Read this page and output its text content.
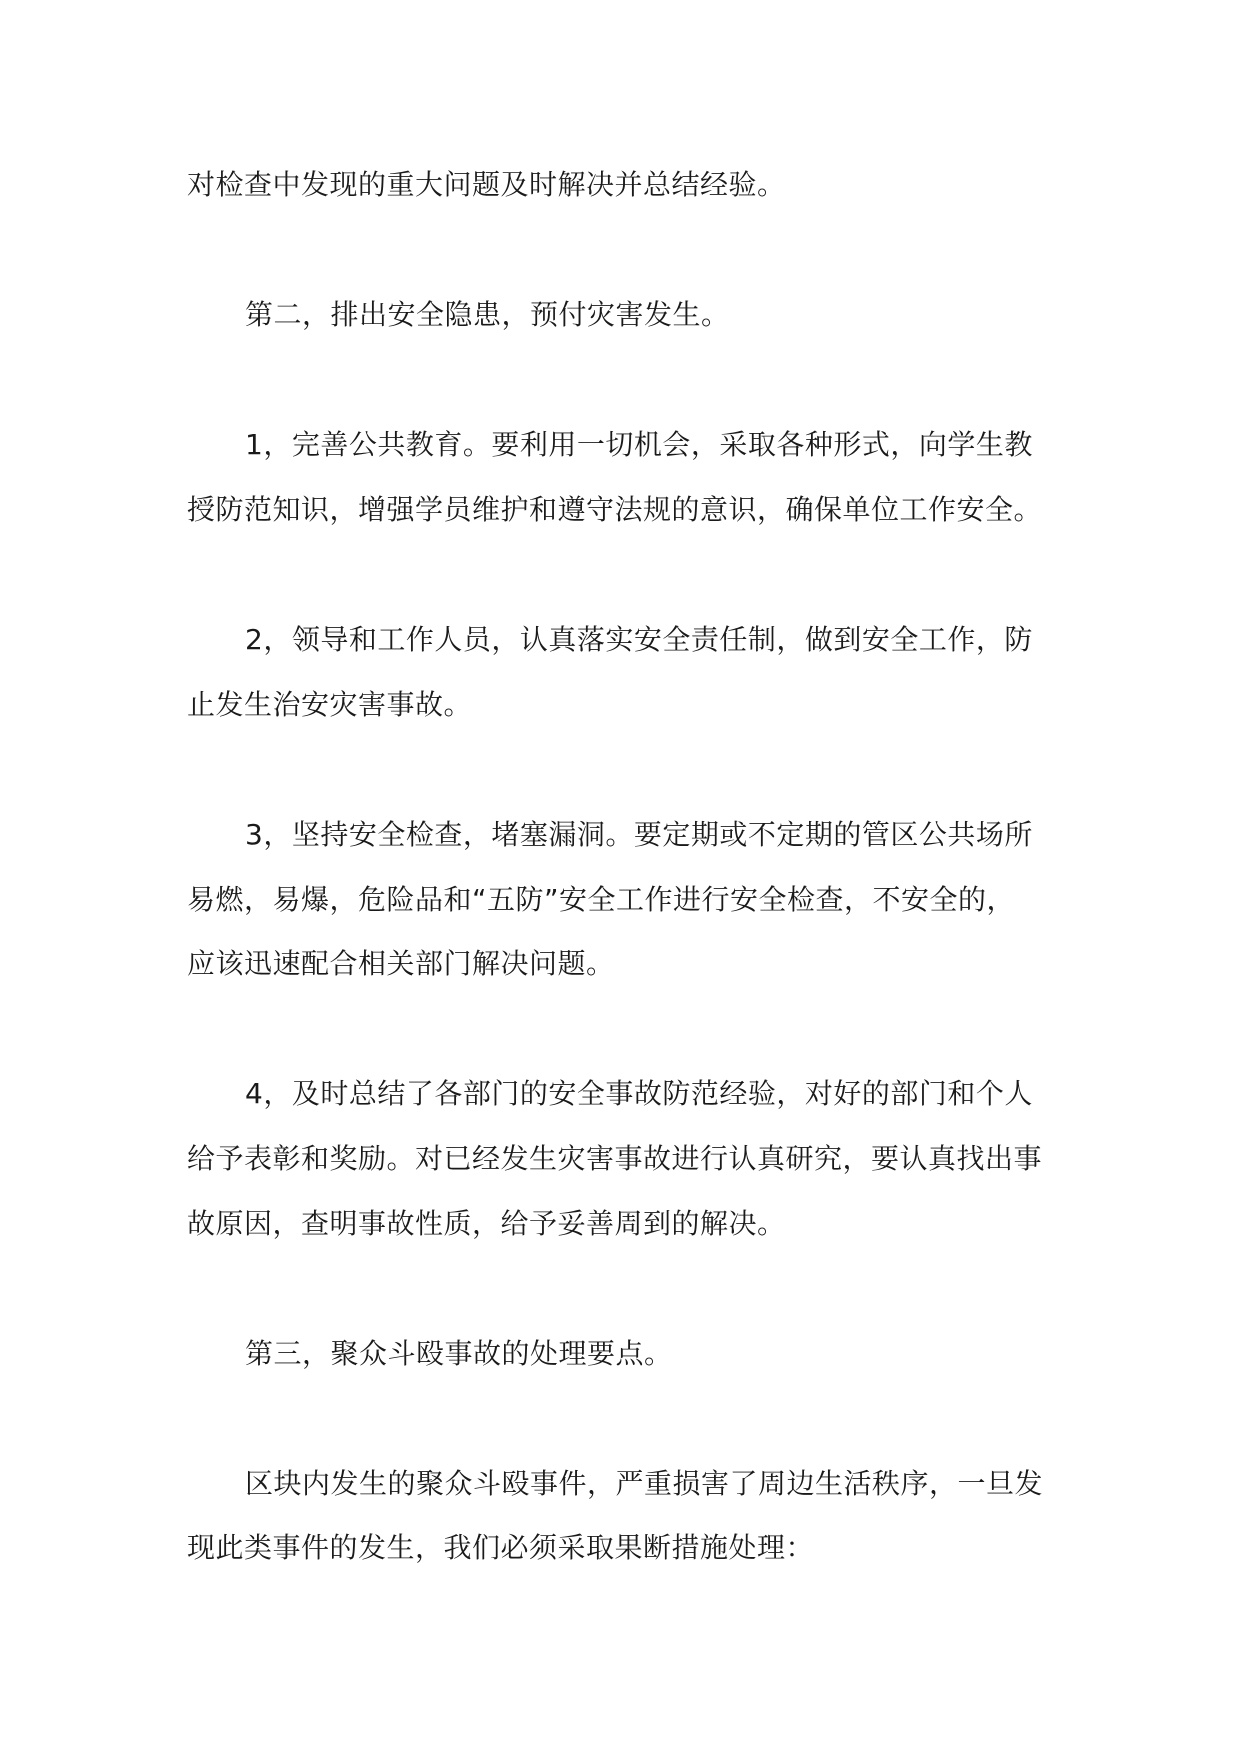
对检查中发现的重大问题及时解决并总结经验。
第二，排出安全隐患，预付灾害发生。
1，完善公共教育。要利用一切机会，采取各种形式，向学生教
授防范知识，增强学员维护和遵守法规的意识，确保单位工作安全。
2，领导和工作人员，认真落实安全责任制，做到安全工作，防
止发生治安灾害事故。
3，坚持安全检查，堵塞漏洞。要定期或不定期的管区公共场所
易燃，易爆，危险品和“五防”安全工作进行安全检查，不安全的，
应该迅速配合相关部门解决问题。
4，及时总结了各部门的安全事故防范经验，对好的部门和个人
给予表彰和奖励。对已经发生灾害事故进行认真研究，要认真找出事
故原因，查明事故性质，给予妥善周到的解决。
第三，聚众斗殴事故的处理要点。
区块内发生的聚众斗殴事件，严重损害了周边生活秩序，一旦发
现此类事件的发生，我们必须采取果断措施处理：
